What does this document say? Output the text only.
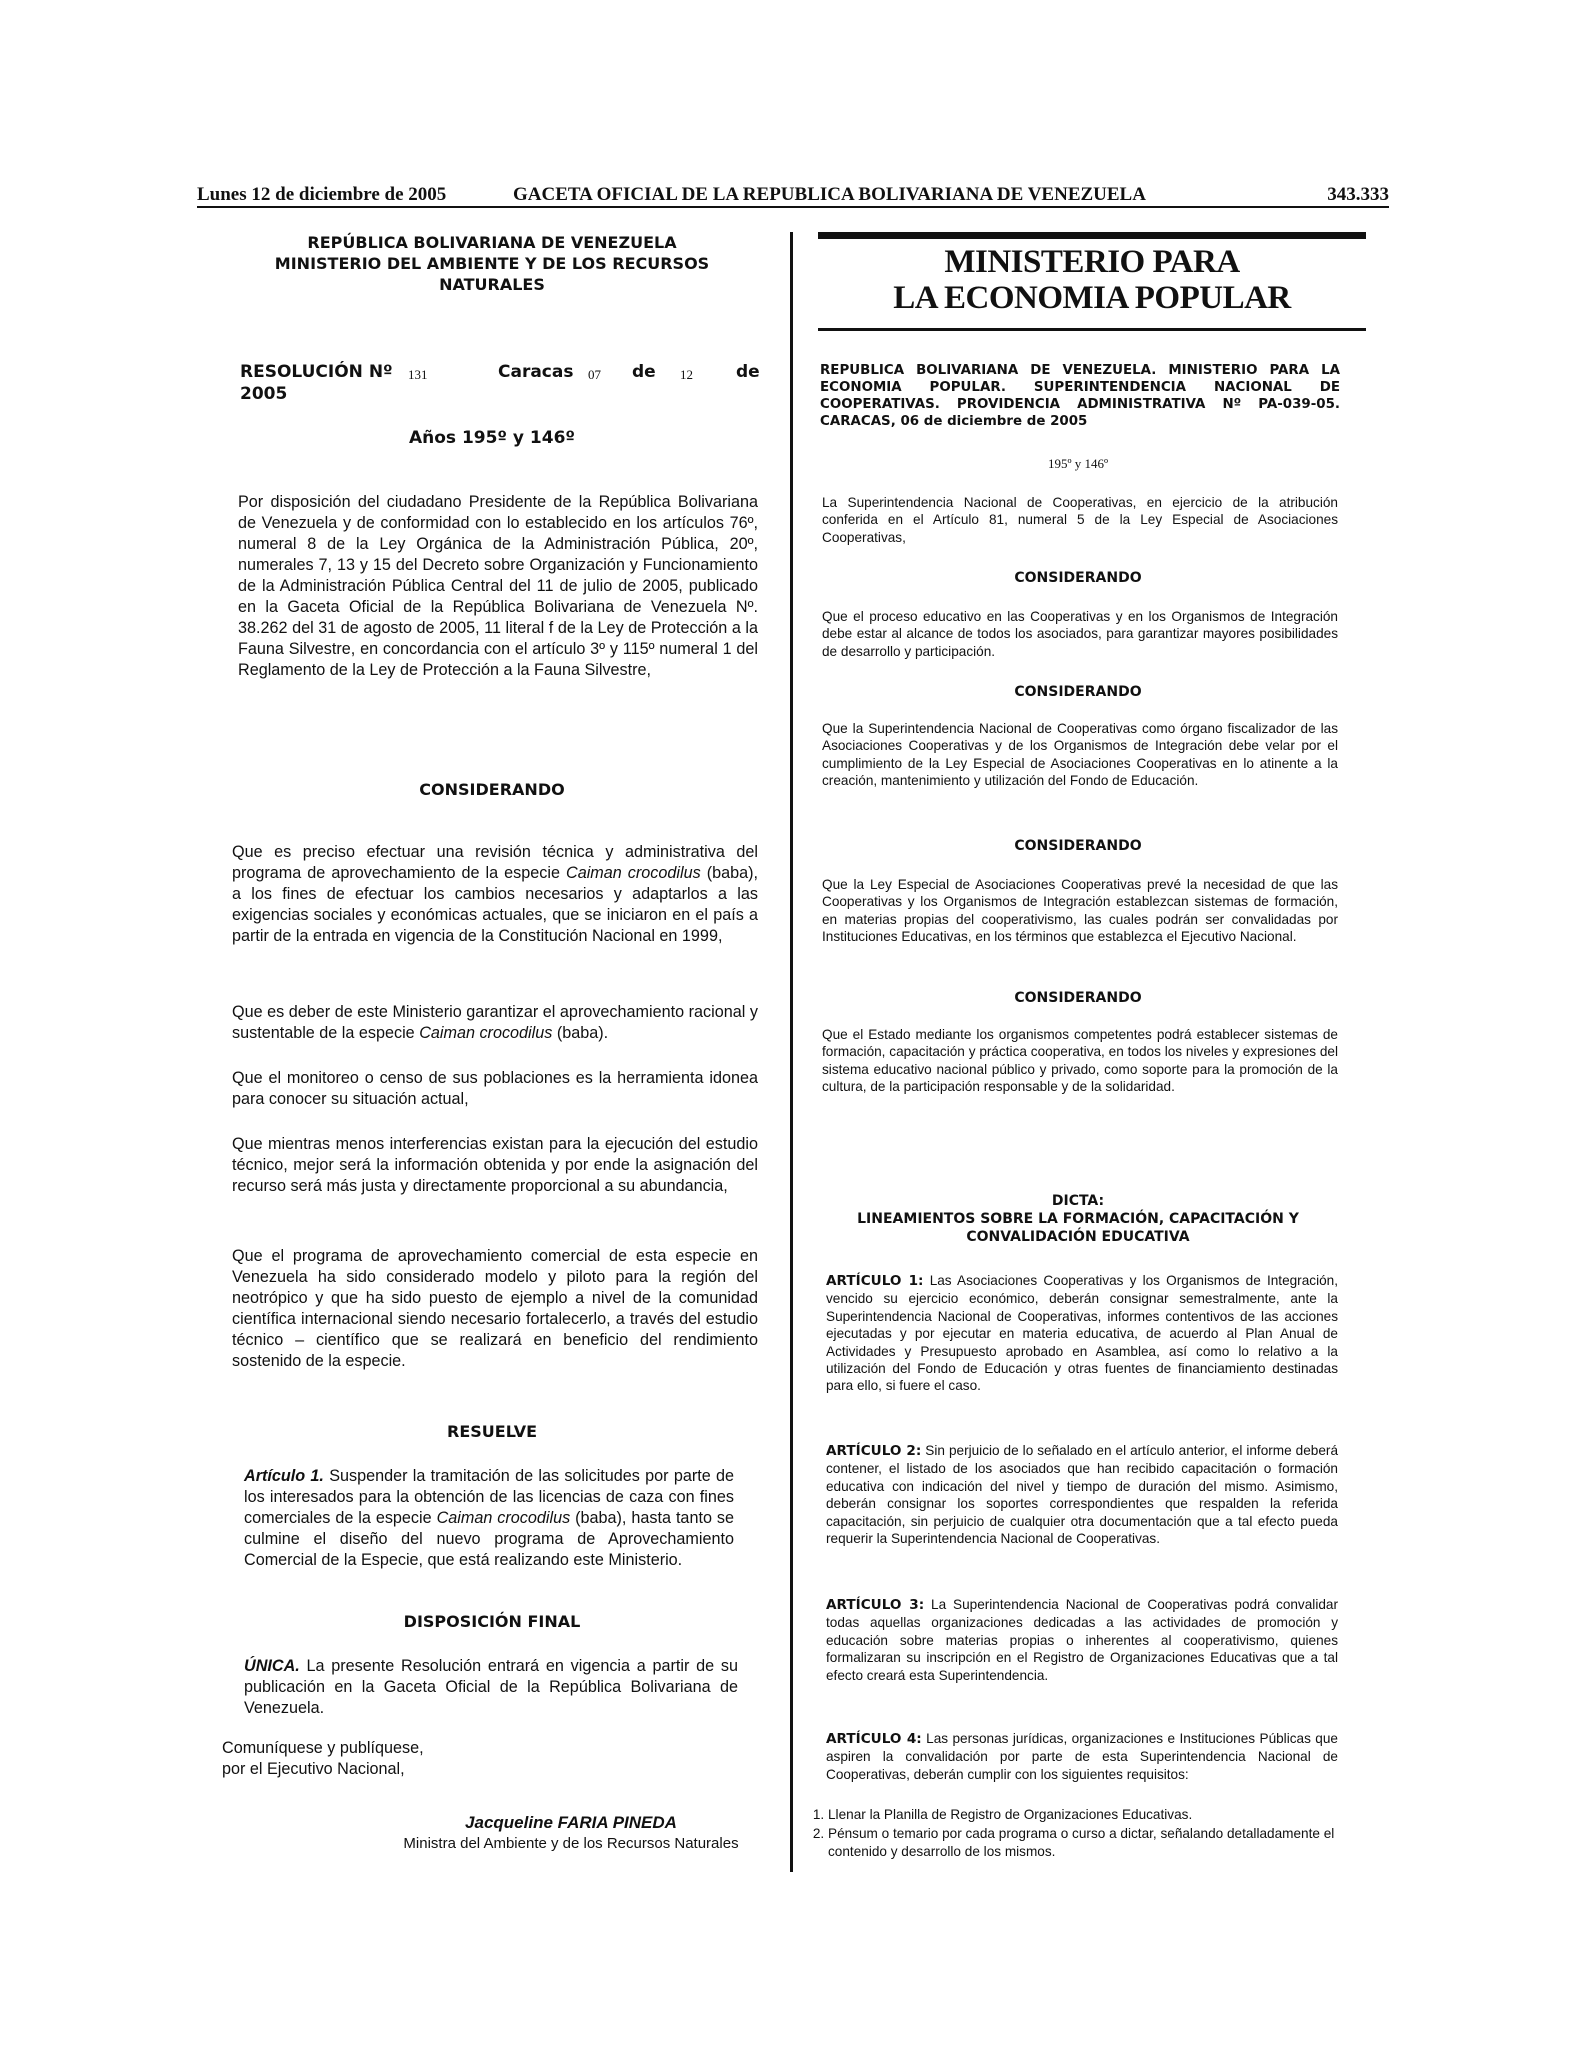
Lunes 12 de diciembre de 2005	GACETA OFICIAL DE LA REPUBLICA BOLIVARIANA DE VENEZUELA	343.333
REPÚBLICA BOLIVARIANA DE VENEZUELA
MINISTERIO DEL AMBIENTE Y DE LOS RECURSOS
NATURALES
RESOLUCIÓN Nº 131	Caracas 07 de 12	de
2005
Años 195º y 146º
Por disposición del ciudadano Presidente de la República Bolivariana de Venezuela y de conformidad con lo establecido en los artículos 76º, numeral 8 de la Ley Orgánica de la Administración Pública, 20º, numerales 7, 13 y 15 del Decreto sobre Organización y Funcionamiento de la Administración Pública Central del 11 de julio de 2005, publicado en la Gaceta Oficial de la República Bolivariana de Venezuela Nº. 38.262 del 31 de agosto de 2005, 11 literal f de la Ley de Protección a la Fauna Silvestre, en concordancia con el artículo 3º y 115º numeral 1 del Reglamento de la Ley de Protección a la Fauna Silvestre,
CONSIDERANDO
Que es preciso efectuar una revisión técnica y administrativa del programa de aprovechamiento de la especie Caiman crocodilus (baba), a los fines de efectuar los cambios necesarios y adaptarlos a las exigencias sociales y económicas actuales, que se iniciaron en el país a partir de la entrada en vigencia de la Constitución Nacional en 1999,
Que es deber de este Ministerio garantizar el aprovechamiento racional y sustentable de la especie Caiman crocodilus (baba).
Que el monitoreo o censo de sus poblaciones es la herramienta idonea para conocer su situación actual,
Que mientras menos interferencias existan para la ejecución del estudio técnico, mejor será la información obtenida y por ende la asignación del recurso será más justa y directamente proporcional a su abundancia,
Que el programa de aprovechamiento comercial de esta especie en Venezuela ha sido considerado modelo y piloto para la región del neotrópico y que ha sido puesto de ejemplo a nivel de la comunidad científica internacional siendo necesario fortalecerlo, a través del estudio técnico – científico que se realizará en beneficio del rendimiento sostenido de la especie.
RESUELVE
Artículo 1. Suspender la tramitación de las solicitudes por parte de los interesados para la obtención de las licencias de caza con fines comerciales de la especie Caiman crocodilus (baba), hasta tanto se culmine el diseño del nuevo programa de Aprovechamiento Comercial de la Especie, que está realizando este Ministerio.
DISPOSICIÓN FINAL
ÚNICA. La presente Resolución entrará en vigencia a partir de su publicación en la Gaceta Oficial de la República Bolivariana de Venezuela.
Comuníquese y publíquese,
por el Ejecutivo Nacional,
Jacqueline FARIA PINEDA
Ministra del Ambiente y de los Recursos Naturales
MINISTERIO PARA
LA ECONOMIA POPULAR
REPUBLICA BOLIVARIANA DE VENEZUELA. MINISTERIO PARA LA ECONOMIA POPULAR. SUPERINTENDENCIA NACIONAL DE COOPERATIVAS. PROVIDENCIA ADMINISTRATIVA Nº PA-039-05. CARACAS, 06 de diciembre de 2005
195º y 146º
La Superintendencia Nacional de Cooperativas, en ejercicio de la atribución conferida en el Artículo 81, numeral 5 de la Ley Especial de Asociaciones Cooperativas,
CONSIDERANDO
Que el proceso educativo en las Cooperativas y en los Organismos de Integración debe estar al alcance de todos los asociados, para garantizar mayores posibilidades de desarrollo y participación.
CONSIDERANDO
Que la Superintendencia Nacional de Cooperativas como órgano fiscalizador de las Asociaciones Cooperativas y de los Organismos de Integración debe velar por el cumplimiento de la Ley Especial de Asociaciones Cooperativas en lo atinente a la creación, mantenimiento y utilización del Fondo de Educación.
CONSIDERANDO
Que la Ley Especial de Asociaciones Cooperativas prevé la necesidad de que las Cooperativas y los Organismos de Integración establezcan sistemas de formación, en materias propias del cooperativismo, las cuales podrán ser convalidadas por Instituciones Educativas, en los términos que establezca el Ejecutivo Nacional.
CONSIDERANDO
Que el Estado mediante los organismos competentes podrá establecer sistemas de formación, capacitación y práctica cooperativa, en todos los niveles y expresiones del sistema educativo nacional público y privado, como soporte para la promoción de la cultura, de la participación responsable y de la solidaridad.
DICTA:
LINEAMIENTOS SOBRE LA FORMACIÓN, CAPACITACIÓN Y
CONVALIDACIÓN EDUCATIVA
ARTÍCULO 1: Las Asociaciones Cooperativas y los Organismos de Integración, vencido su ejercicio económico, deberán consignar semestralmente, ante la Superintendencia Nacional de Cooperativas, informes contentivos de las acciones ejecutadas y por ejecutar en materia educativa, de acuerdo al Plan Anual de Actividades y Presupuesto aprobado en Asamblea, así como lo relativo a la utilización del Fondo de Educación y otras fuentes de financiamiento destinadas para ello, si fuere el caso.
ARTÍCULO 2: Sin perjuicio de lo señalado en el artículo anterior, el informe deberá contener, el listado de los asociados que han recibido capacitación o formación educativa con indicación del nivel y tiempo de duración del mismo. Asimismo, deberán consignar los soportes correspondientes que respalden la referida capacitación, sin perjuicio de cualquier otra documentación que a tal efecto pueda requerir la Superintendencia Nacional de Cooperativas.
ARTÍCULO 3: La Superintendencia Nacional de Cooperativas podrá convalidar todas aquellas organizaciones dedicadas a las actividades de promoción y educación sobre materias propias o inherentes al cooperativismo, quienes formalizaran su inscripción en el Registro de Organizaciones Educativas que a tal efecto creará esta Superintendencia.
ARTÍCULO 4: Las personas jurídicas, organizaciones e Instituciones Públicas que aspiren la convalidación por parte de esta Superintendencia Nacional de Cooperativas, deberán cumplir con los siguientes requisitos:
1. Llenar la Planilla de Registro de Organizaciones Educativas.
2. Pénsum o temario por cada programa o curso a dictar, señalando detalladamente el contenido y desarrollo de los mismos.
